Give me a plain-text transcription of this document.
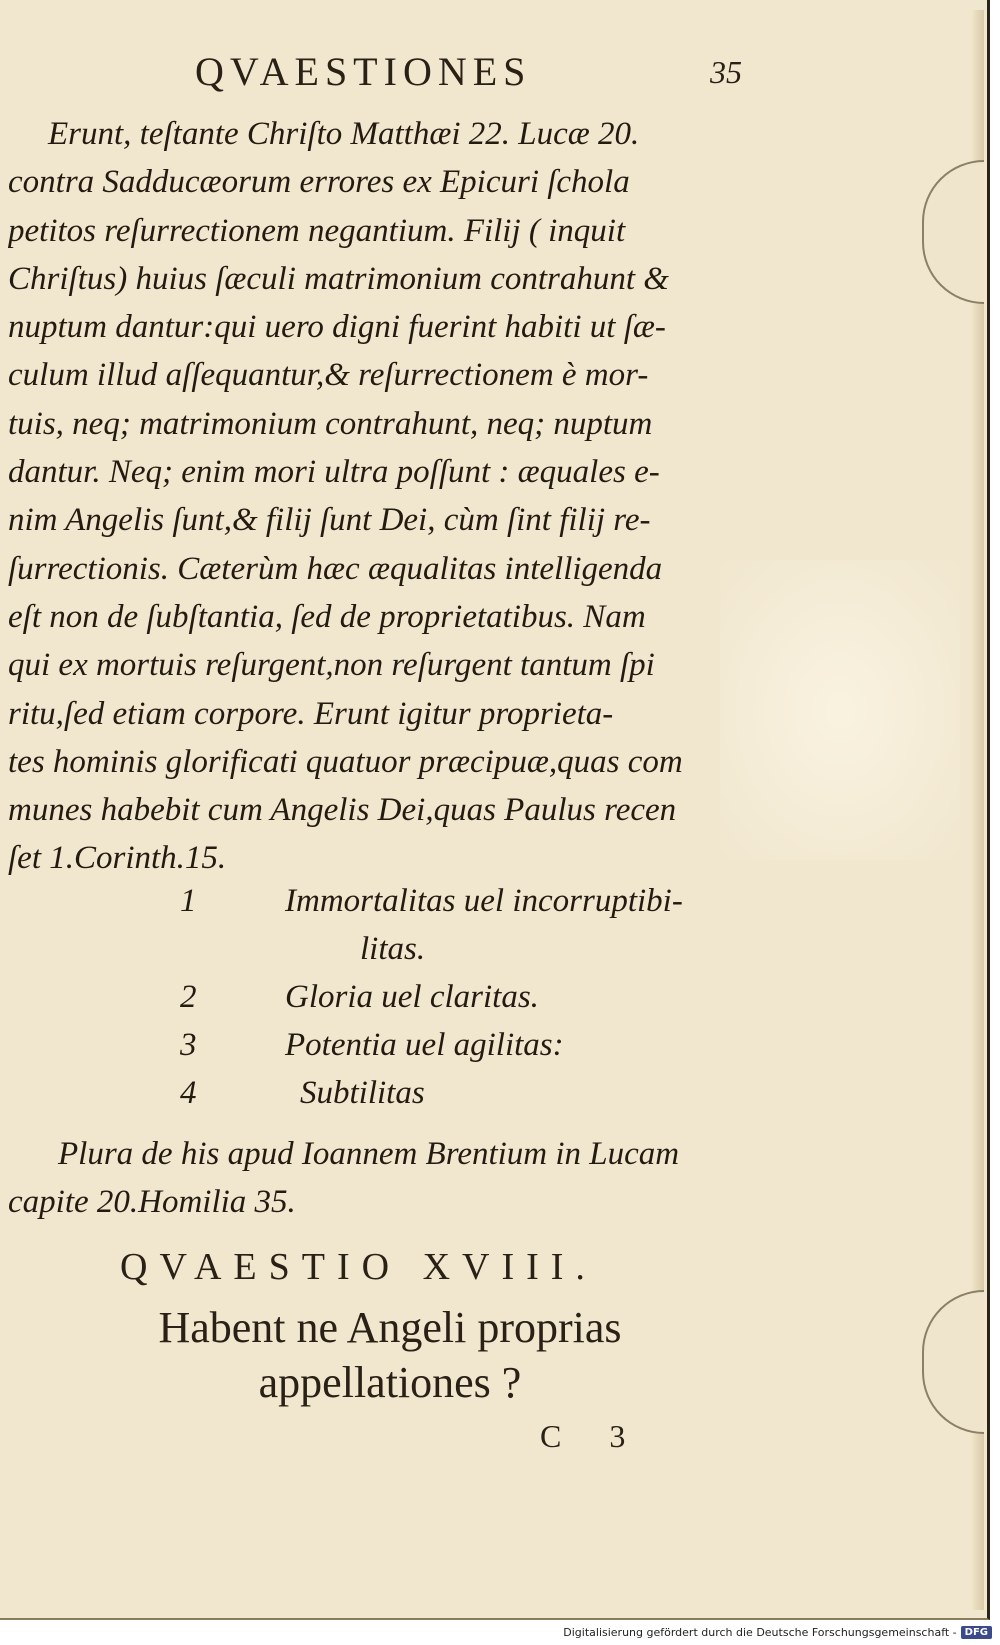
QVAESTIONES	35
Erunt, teſtante Chriſto Matthæi 22. Lucæ 20.
contra Sadducæorum errores ex Epicuri ſchola
petitos reſurrectionem negantium. Filij ( inquit
Chriſtus) huius ſæculi matrimonium contrahunt &
nuptum dantur:qui uero digni fuerint habiti ut ſæ-
culum illud aſſequantur,& reſurrectionem è mor-
tuis, neq; matrimonium contrahunt, neq; nuptum
dantur. Neq; enim mori ultra poſſunt : æquales e-
nim Angelis ſunt,& filij ſunt Dei, cùm ſint filij re-
ſurrectionis. Cæterùm hæc æqualitas intelligenda
eſt non de ſubſtantia, ſed de proprietatibus. Nam
qui ex mortuis reſurgent,non reſurgent tantum ſpi
ritu,ſed etiam corpore. Erunt igitur proprieta-
tes hominis glorificati quatuor præcipuæ,quas com
munes habebit cum Angelis Dei,quas Paulus recen
ſet 1.Corinth.15.
1	Immortalitas uel incorruptibi-
litas.
2	Gloria uel claritas.
3	Potentia uel agilitas:
4	Subtilitas
Plura de his apud Ioannem Brentium in Lucam
capite 20.Homilia 35.
QVAESTIO XVIII.
Habent ne Angeli proprias
appellationes ?
C 3
Digitalisierung gefördert durch die Deutsche Forschungsgemeinschaft - DFG
